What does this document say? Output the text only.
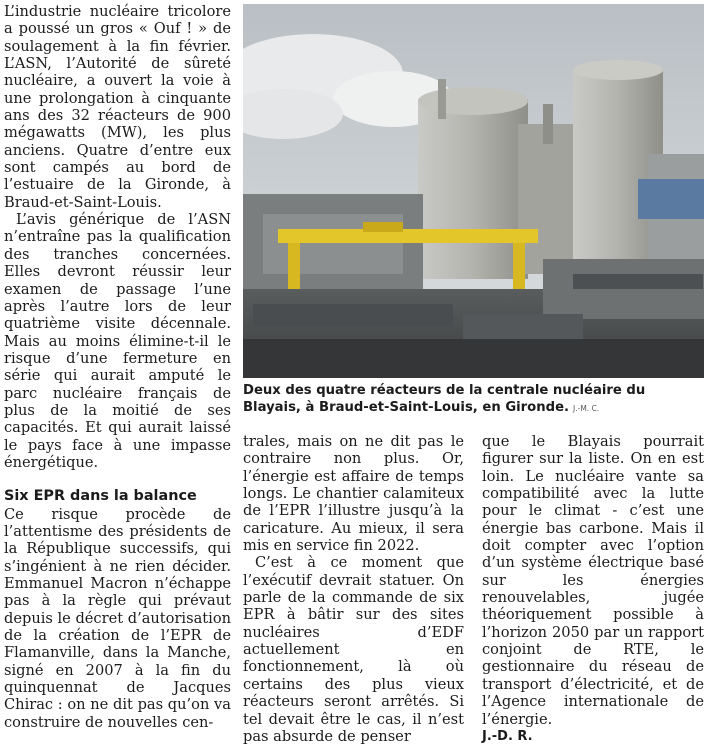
L’industrie nucléaire tricolore a poussé un gros « Ouf ! » de soulagement à la fin février. L’ASN, l’Autorité de sûreté nucléaire, a ouvert la voie à une prolongation à cinquante ans des 32 réacteurs de 900 mégawatts (MW), les plus anciens. Quatre d’entre eux sont campés au bord de l’estuaire de la Gironde, à Braud-et-Saint-Louis.

L’avis générique de l’ASN n’entraîne pas la qualification des tranches concernées. Elles devront réussir leur examen de passage l’une après l’autre lors de leur quatrième visite décennale. Mais au moins élimine-t-il le risque d’une fermeture en série qui aurait amputé le parc nucléaire français de plus de la moitié de ses capacités. Et qui aurait laissé le pays face à une impasse énergétique.

Six EPR dans la balance

Ce risque procède de l’attentisme des présidents de la République successifs, qui s’ingénient à ne rien décider. Emmanuel Macron n’échappe pas à la règle qui prévaut depuis le décret d’autorisation de la création de l’EPR de Flamanville, dans la Manche, signé en 2007 à la fin du quinquennat de Jacques Chirac : on ne dit pas qu’on va construire de nouvelles cen-

Deux des quatre réacteurs de la centrale nucléaire du Blayais, à Braud-et-Saint-Louis, en Gironde. J.-M. C.

trales, mais on ne dit pas le contraire non plus. Or, l’énergie est affaire de temps longs. Le chantier calamiteux de l’EPR l’illustre jusqu’à la caricature. Au mieux, il sera mis en service fin 2022.

C’est à ce moment que l’exécutif devrait statuer. On parle de la commande de six EPR à bâtir sur des sites nucléaires d’EDF actuellement en fonctionnement, là où certains des plus vieux réacteurs seront arrêtés. Si tel devait être le cas, il n’est pas absurde de penser

que le Blayais pourrait figurer sur la liste. On en est loin. Le nucléaire vante sa compatibilité avec la lutte pour le climat - c’est une énergie bas carbone. Mais il doit compter avec l’option d’un système électrique basé sur les énergies renouvelables, jugée théoriquement possible à l’horizon 2050 par un rapport conjoint de RTE, le gestionnaire du réseau de transport d’électricité, et de l’Agence internationale de l’énergie.

J.-D. R.
